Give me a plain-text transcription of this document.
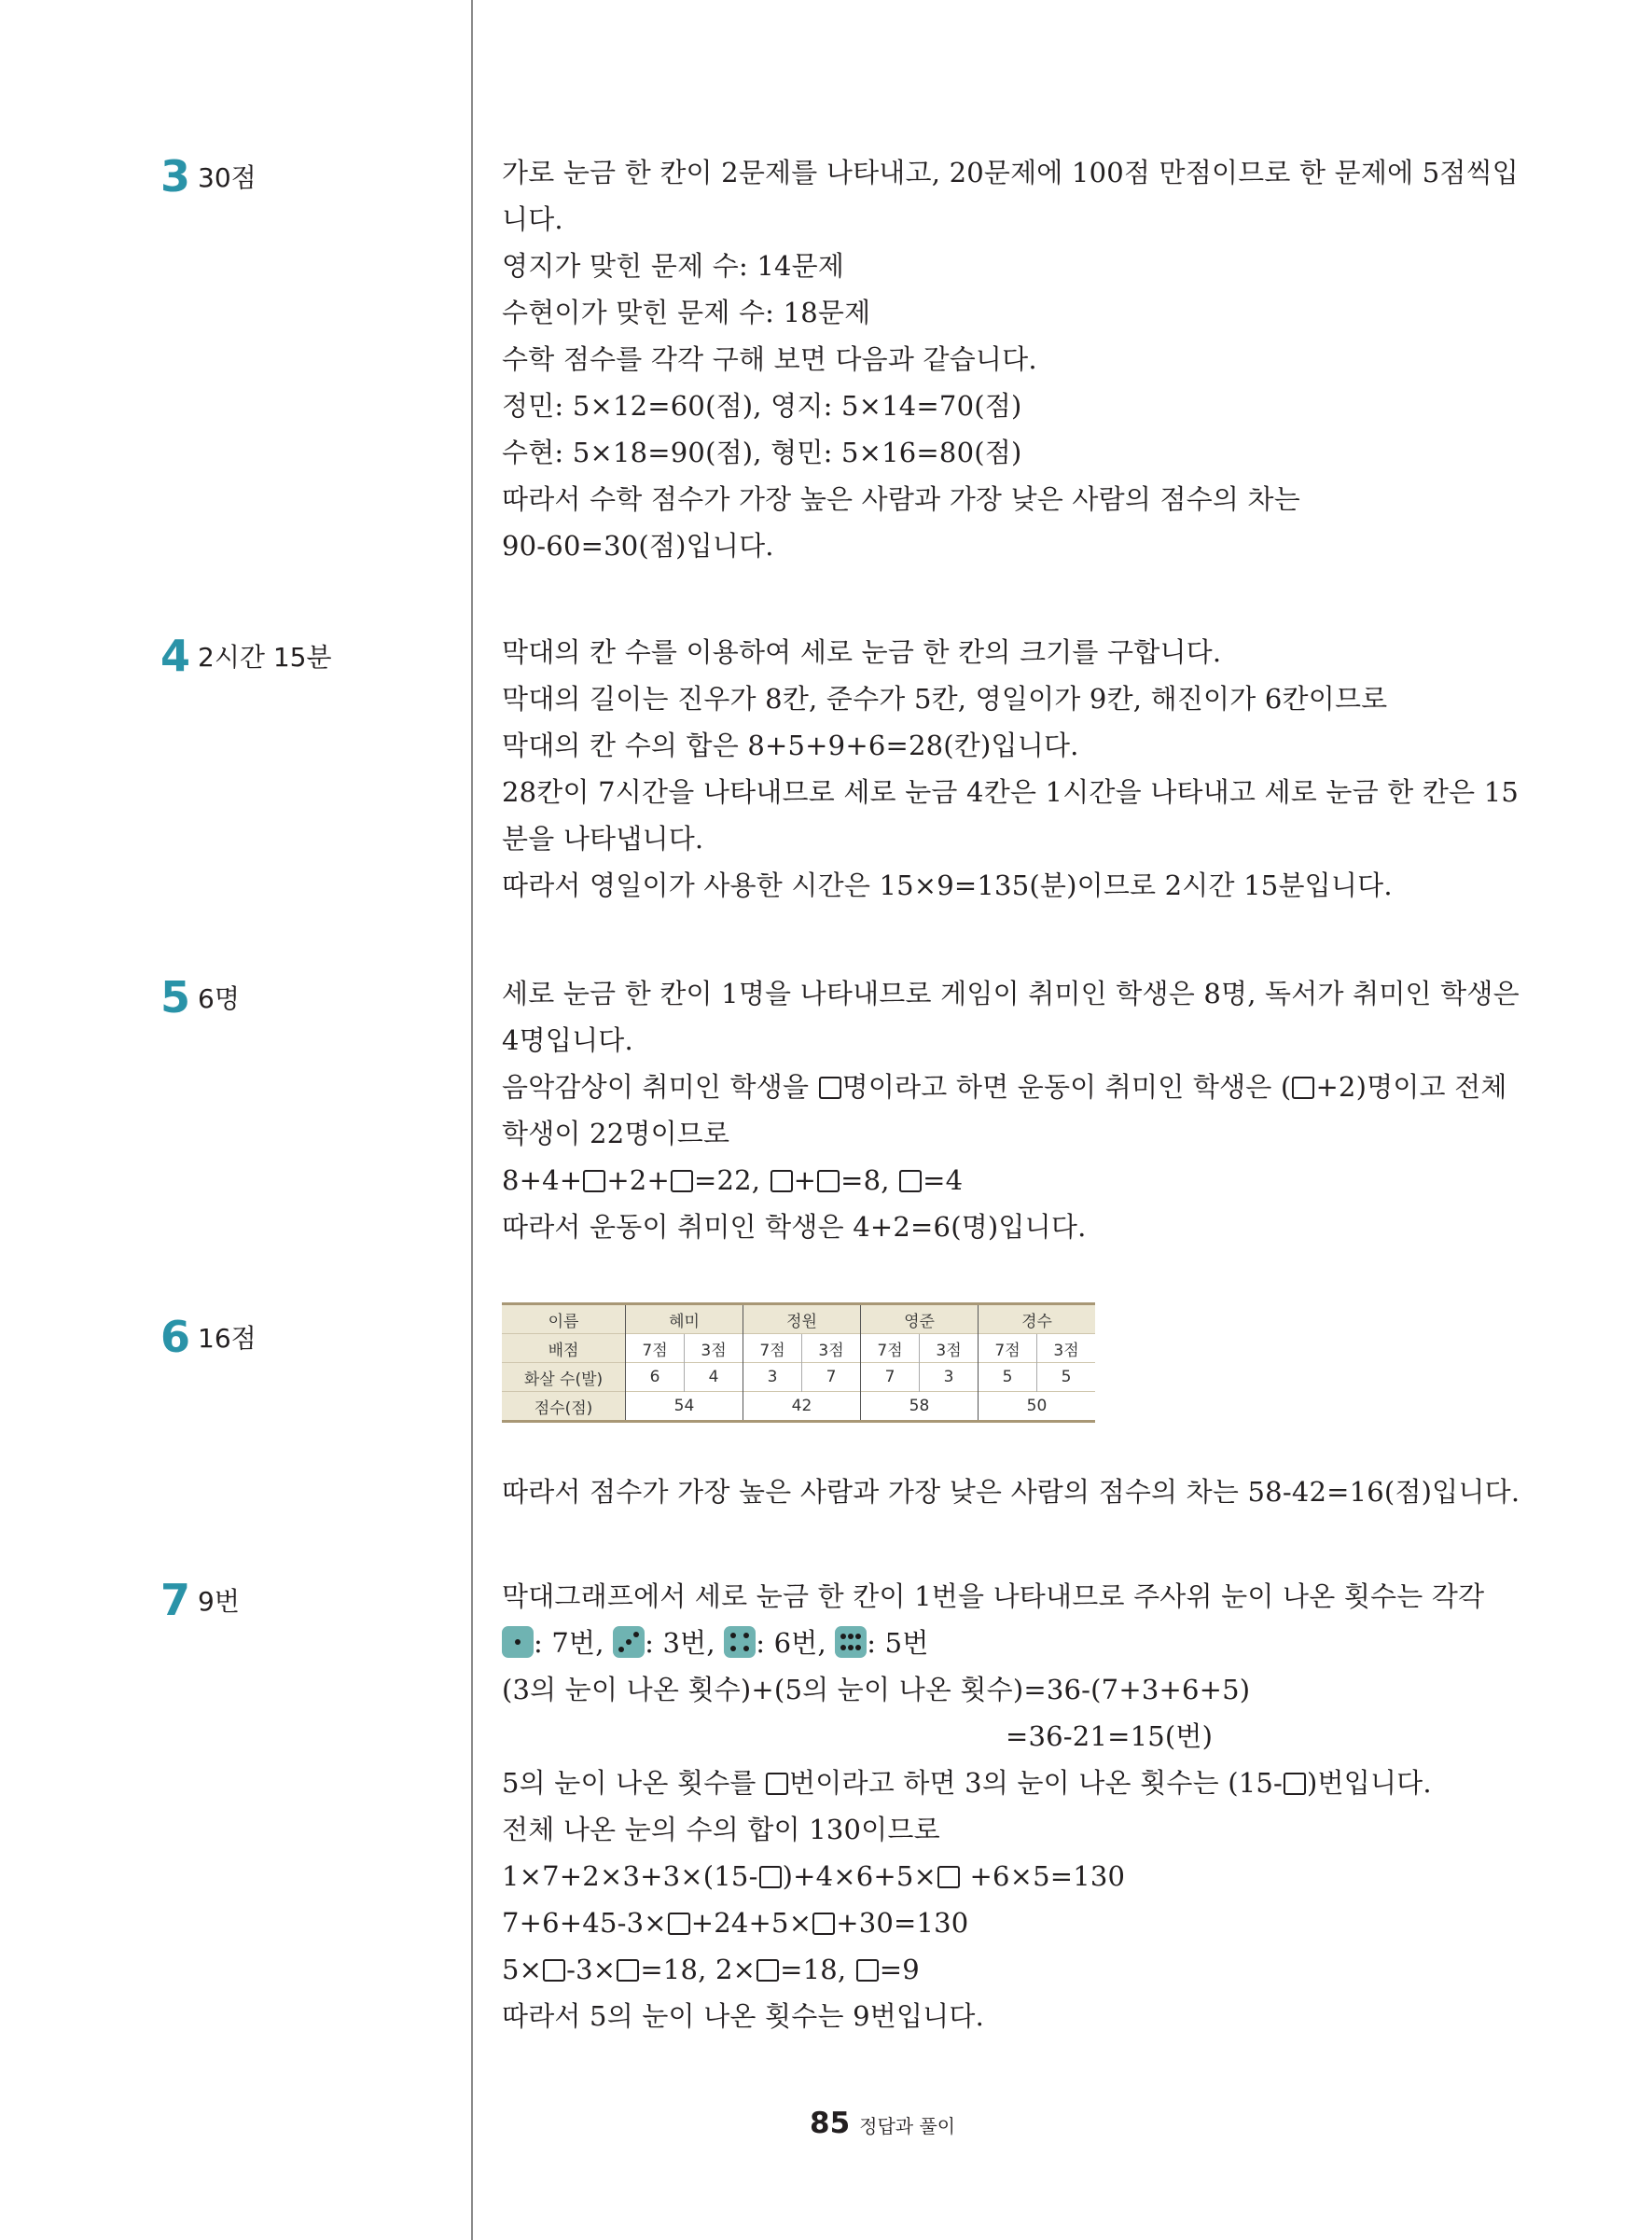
3 30점	가로 눈금 한 칸이 2문제를 나타내고, 20문제에 100점 만점이므로 한 문제에 5점씩입
니다.
영지가 맞힌 문제 수: 14문제
수현이가 맞힌 문제 수: 18문제
수학 점수를 각각 구해 보면 다음과 같습니다.
정민: 5×12=60(점), 영지: 5×14=70(점)
수현: 5×18=90(점), 형민: 5×16=80(점)
따라서 수학 점수가 가장 높은 사람과 가장 낮은 사람의 점수의 차는
90-60=30(점)입니다.
4 2시간 15분	막대의 칸 수를 이용하여 세로 눈금 한 칸의 크기를 구합니다.
막대의 길이는 진우가 8칸, 준수가 5칸, 영일이가 9칸, 해진이가 6칸이므로
막대의 칸 수의 합은 8+5+9+6=28(칸)입니다.
28칸이 7시간을 나타내므로 세로 눈금 4칸은 1시간을 나타내고 세로 눈금 한 칸은 15
분을 나타냅니다.
따라서 영일이가 사용한 시간은 15×9=135(분)이므로 2시간 15분입니다.
5 6명	세로 눈금 한 칸이 1명을 나타내므로 게임이 취미인 학생은 8명, 독서가 취미인 학생은
4명입니다.
음악감상이 취미인 학생을 명이라고 하면 운동이 취미인 학생은 ( +2)명이고 전체
학생이 22명이므로
8+4+ +2+ =22, + =8, =4
따라서 운동이 취미인 학생은 4+2=6(명)입니다.
6 16점
이름	혜미		정원		영준		경수	
배점	7점	3점	7점	3점	7점	3점	7점	3점
화살 수(발)	6	4	3	7	7	3	5	5
점수(점)	54		42		58		50	
따라서 점수가 가장 높은 사람과 가장 낮은 사람의 점수의 차는 58-42=16(점)입니다.
7 9번	막대그래프에서 세로 눈금 한 칸이 1번을 나타내므로 주사위 눈이 나온 횟수는 각각
: 7번,
: 3번,
: 6번,
: 5번
(3의 눈이 나온 횟수)+(5의 눈이 나온 횟수)=36-(7+3+6+5)
=36-21=15(번)
5의 눈이 나온 횟수를 번이라고 하면 3의 눈이 나온 횟수는 (15- )번입니다.
전체 나온 눈의 수의 합이 130이므로
1×7+2×3+3×(15- )+4×6+5× +6×5=130
7+6+45-3× +24+5× +30=130
5× -3× =18, 2× =18, =9
따라서 5의 눈이 나온 횟수는 9번입니다.
85 정답과 풀이
